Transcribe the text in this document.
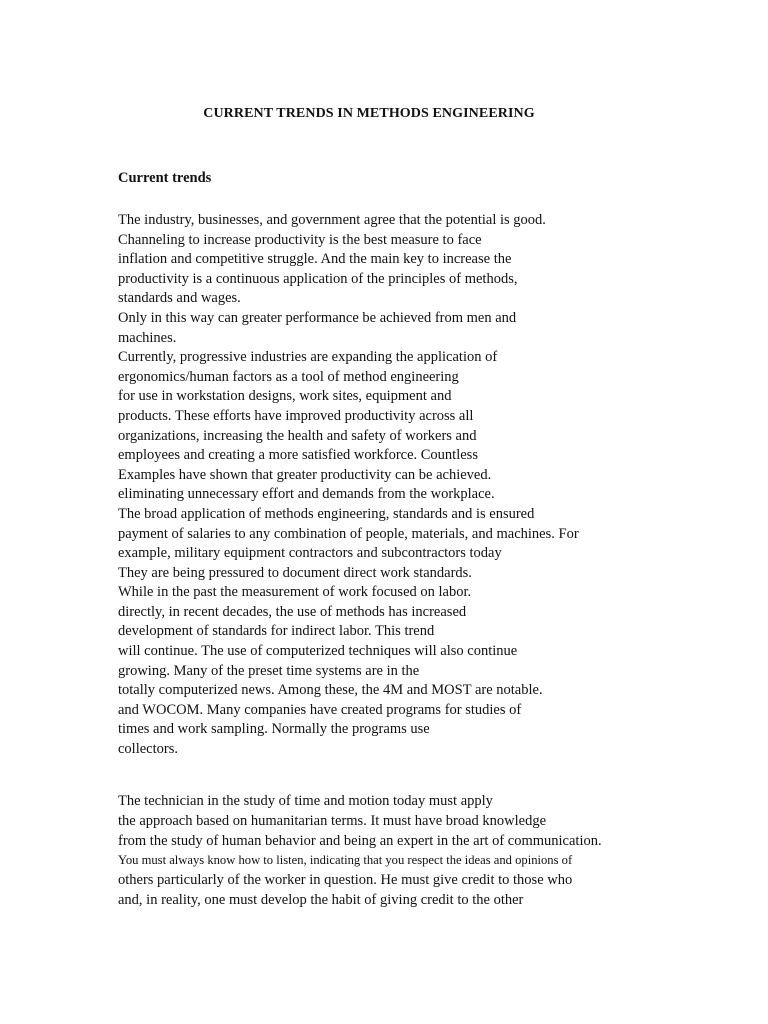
CURRENT TRENDS IN METHODS ENGINEERING
Current trends
The industry, businesses, and government agree that the potential is good.
Channeling to increase productivity is the best measure to face
inflation and competitive struggle. And the main key to increase the
productivity is a continuous application of the principles of methods,
standards and wages.
Only in this way can greater performance be achieved from men and
machines.
Currently, progressive industries are expanding the application of
ergonomics/human factors as a tool of method engineering
for use in workstation designs, work sites, equipment and
products. These efforts have improved productivity across all
organizations, increasing the health and safety of workers and
employees and creating a more satisfied workforce. Countless
Examples have shown that greater productivity can be achieved.
eliminating unnecessary effort and demands from the workplace.
The broad application of methods engineering, standards and is ensured
payment of salaries to any combination of people, materials, and machines. For
example, military equipment contractors and subcontractors today
They are being pressured to document direct work standards.
While in the past the measurement of work focused on labor.
directly, in recent decades, the use of methods has increased
development of standards for indirect labor. This trend
will continue. The use of computerized techniques will also continue
growing. Many of the preset time systems are in the
totally computerized news. Among these, the 4M and MOST are notable.
and WOCOM. Many companies have created programs for studies of
times and work sampling. Normally the programs use
collectors.
The technician in the study of time and motion today must apply
the approach based on humanitarian terms. It must have broad knowledge
from the study of human behavior and being an expert in the art of communication.
You must always know how to listen, indicating that you respect the ideas and opinions of
others particularly of the worker in question. He must give credit to those who
and, in reality, one must develop the habit of giving credit to the other
